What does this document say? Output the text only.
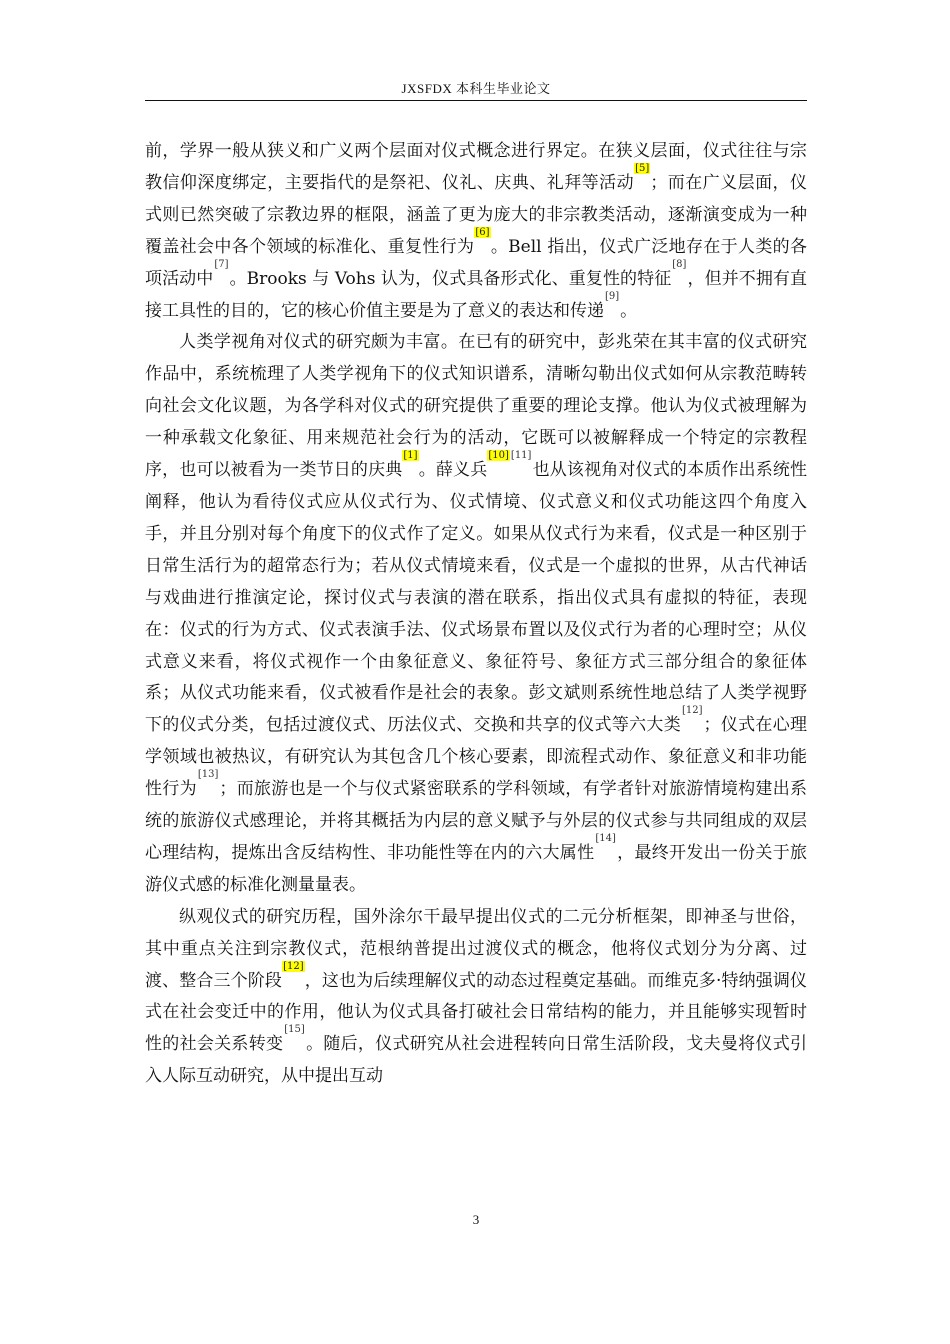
JXSFDX 本科生毕业论文

前，学界一般从狭义和广义两个层面对仪式概念进行界定。在狭义层面，仪式往往与宗教信仰深度绑定，主要指代的是祭祀、仪礼、庆典、礼拜等活动[5]；而在广义层面，仪式则已然突破了宗教边界的框限，涵盖了更为庞大的非宗教类活动，逐渐演变成为一种覆盖社会中各个领域的标准化、重复性行为[6]。Bell 指出，仪式广泛地存在于人类的各项活动中[7]。Brooks 与 Vohs 认为，仪式具备形式化、重复性的特征[8]，但并不拥有直接工具性的目的，它的核心价值主要是为了意义的表达和传递[9]。

人类学视角对仪式的研究颇为丰富。在已有的研究中，彭兆荣在其丰富的仪式研究作品中，系统梳理了人类学视角下的仪式知识谱系，清晰勾勒出仪式如何从宗教范畴转向社会文化议题，为各学科对仪式的研究提供了重要的理论支撑。他认为仪式被理解为一种承载文化象征、用来规范社会行为的活动，它既可以被解释成一个特定的宗教程序，也可以被看为一类节日的庆典[1]。薛义兵[10] [11]也从该视角对仪式的本质作出系统性阐释，他认为看待仪式应从仪式行为、仪式情境、仪式意义和仪式功能这四个角度入手，并且分别对每个角度下的仪式作了定义。如果从仪式行为来看，仪式是一种区别于日常生活行为的超常态行为；若从仪式情境来看，仪式是一个虚拟的世界，从古代神话与戏曲进行推演定论，探讨仪式与表演的潜在联系，指出仪式具有虚拟的特征，表现在：仪式的行为方式、仪式表演手法、仪式场景布置以及仪式行为者的心理时空；从仪式意义来看，将仪式视作一个由象征意义、象征符号、象征方式三部分组合的象征体系；从仪式功能来看，仪式被看作是社会的表象。彭文斌则系统性地总结了人类学视野下的仪式分类，包括过渡仪式、历法仪式、交换和共享的仪式等六大类[12]；仪式在心理学领域也被热议，有研究认为其包含几个核心要素，即流程式动作、象征意义和非功能性行为[13]；而旅游也是一个与仪式紧密联系的学科领域，有学者针对旅游情境构建出系统的旅游仪式感理论，并将其概括为内层的意义赋予与外层的仪式参与共同组成的双层心理结构，提炼出含反结构性、非功能性等在内的六大属性[14]，最终开发出一份关于旅游仪式感的标准化测量量表。

纵观仪式的研究历程，国外涂尔干最早提出仪式的二元分析框架，即神圣与世俗，其中重点关注到宗教仪式，范根纳普提出过渡仪式的概念，他将仪式划分为分离、过渡、整合三个阶段[12]，这也为后续理解仪式的动态过程奠定基础。而维克多·特纳强调仪式在社会变迁中的作用，他认为仪式具备打破社会日常结构的能力，并且能够实现暂时性的社会关系转变[15]。随后，仪式研究从社会进程转向日常生活阶段，戈夫曼将仪式引入人际互动研究，从中提出互动

3
